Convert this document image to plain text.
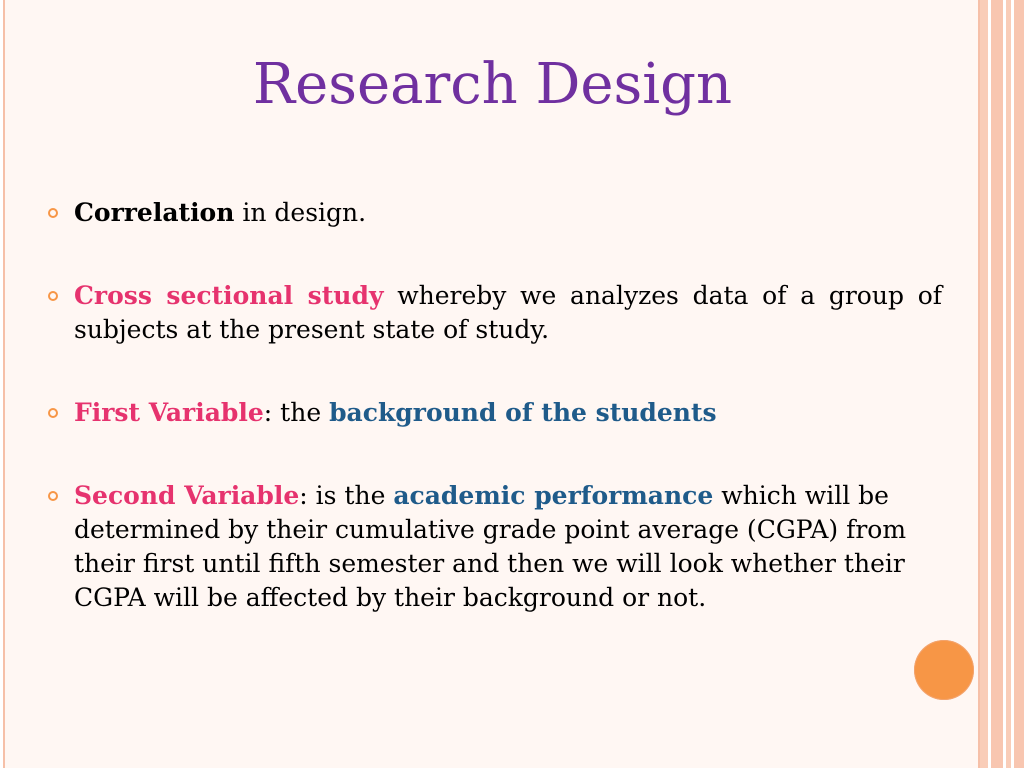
Research Design
Correlation in design.
Cross sectional study whereby we analyzes data of a group of subjects at the present state of study.
First Variable: the background of the students
Second Variable: is the academic performance which will be determined by their cumulative grade point average (CGPA) from their first until fifth semester and then we will look whether their CGPA will be affected by their background or not.
